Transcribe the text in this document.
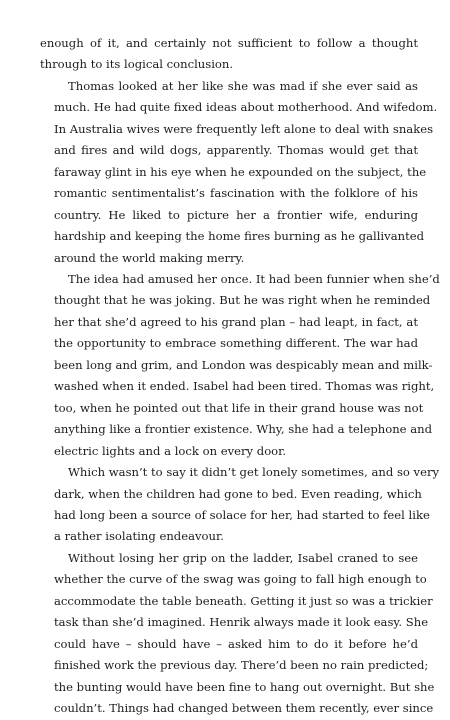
enough of it, and certainly not sufficient to follow a thought
through to its logical conclusion.
Thomas looked at her like she was mad if she ever said as
much. He had quite fixed ideas about motherhood. And wifedom.
In Australia wives were frequently left alone to deal with snakes
and fires and wild dogs, apparently. Thomas would get that
faraway glint in his eye when he expounded on the subject, the
romantic sentimentalist’s fascination with the folklore of his
country. He liked to picture her a frontier wife, enduring
hardship and keeping the home fires burning as he gallivanted
around the world making merry.
The idea had amused her once. It had been funnier when she’d
thought that he was joking. But he was right when he reminded
her that she’d agreed to his grand plan – had leapt, in fact, at
the opportunity to embrace something different. The war had
been long and grim, and London was despicably mean and milk-
washed when it ended. Isabel had been tired. Thomas was right,
too, when he pointed out that life in their grand house was not
anything like a frontier existence. Why, she had a telephone and
electric lights and a lock on every door.
Which wasn’t to say it didn’t get lonely sometimes, and so very
dark, when the children had gone to bed. Even reading, which
had long been a source of solace for her, had started to feel like
a rather isolating endeavour.
Without losing her grip on the ladder, Isabel craned to see
whether the curve of the swag was going to fall high enough to
accommodate the table beneath. Getting it just so was a trickier
task than she’d imagined. Henrik always made it look easy. She
could have – should have – asked him to do it before he’d
finished work the previous day. There’d been no rain predicted;
the bunting would have been fine to hang out overnight. But she
couldn’t. Things had changed between them recently, ever since
